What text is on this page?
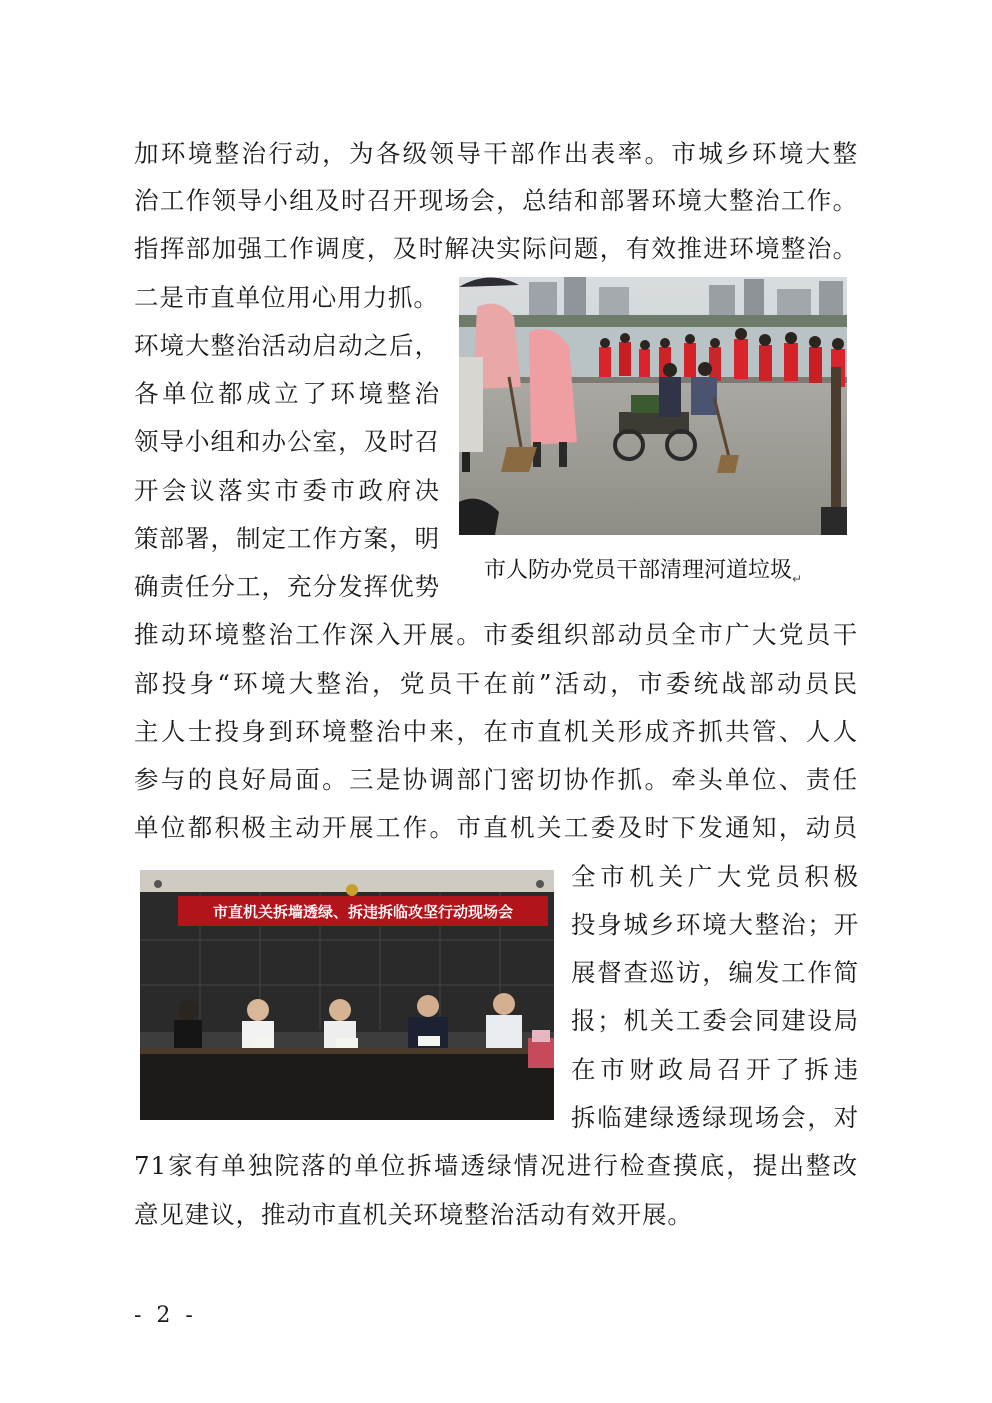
加环境整治行动，为各级领导干部作出表率。市城乡环境大整
治工作领导小组及时召开现场会，总结和部署环境大整治工作。
指挥部加强工作调度，及时解决实际问题，有效推进环境整治。
二是市直单位用心用力抓。
环境大整治活动启动之后，
各单位都成立了环境整治
领导小组和办公室，及时召
开会议落实市委市政府决
策部署，制定工作方案，明
确责任分工，充分发挥优势
推动环境整治工作深入开展。市委组织部动员全市广大党员干
部投身“环境大整治，党员干在前”活动，市委统战部动员民
主人士投身到环境整治中来，在市直机关形成齐抓共管、人人
参与的良好局面。三是协调部门密切协作抓。牵头单位、责任
单位都积极主动开展工作。市直机关工委及时下发通知，动员
全市机关广大党员积极
投身城乡环境大整治；开
展督查巡访，编发工作简
报；机关工委会同建设局
在市财政局召开了拆违
拆临建绿透绿现场会，对
71家有单独院落的单位拆墙透绿情况进行检查摸底，提出整改
意见建议，推动市直机关环境整治活动有效开展。
市人防办党员干部清理河道垃圾$_↵$
市直机关拆墙透绿、拆违拆临攻坚行动现场会
- 2 -
